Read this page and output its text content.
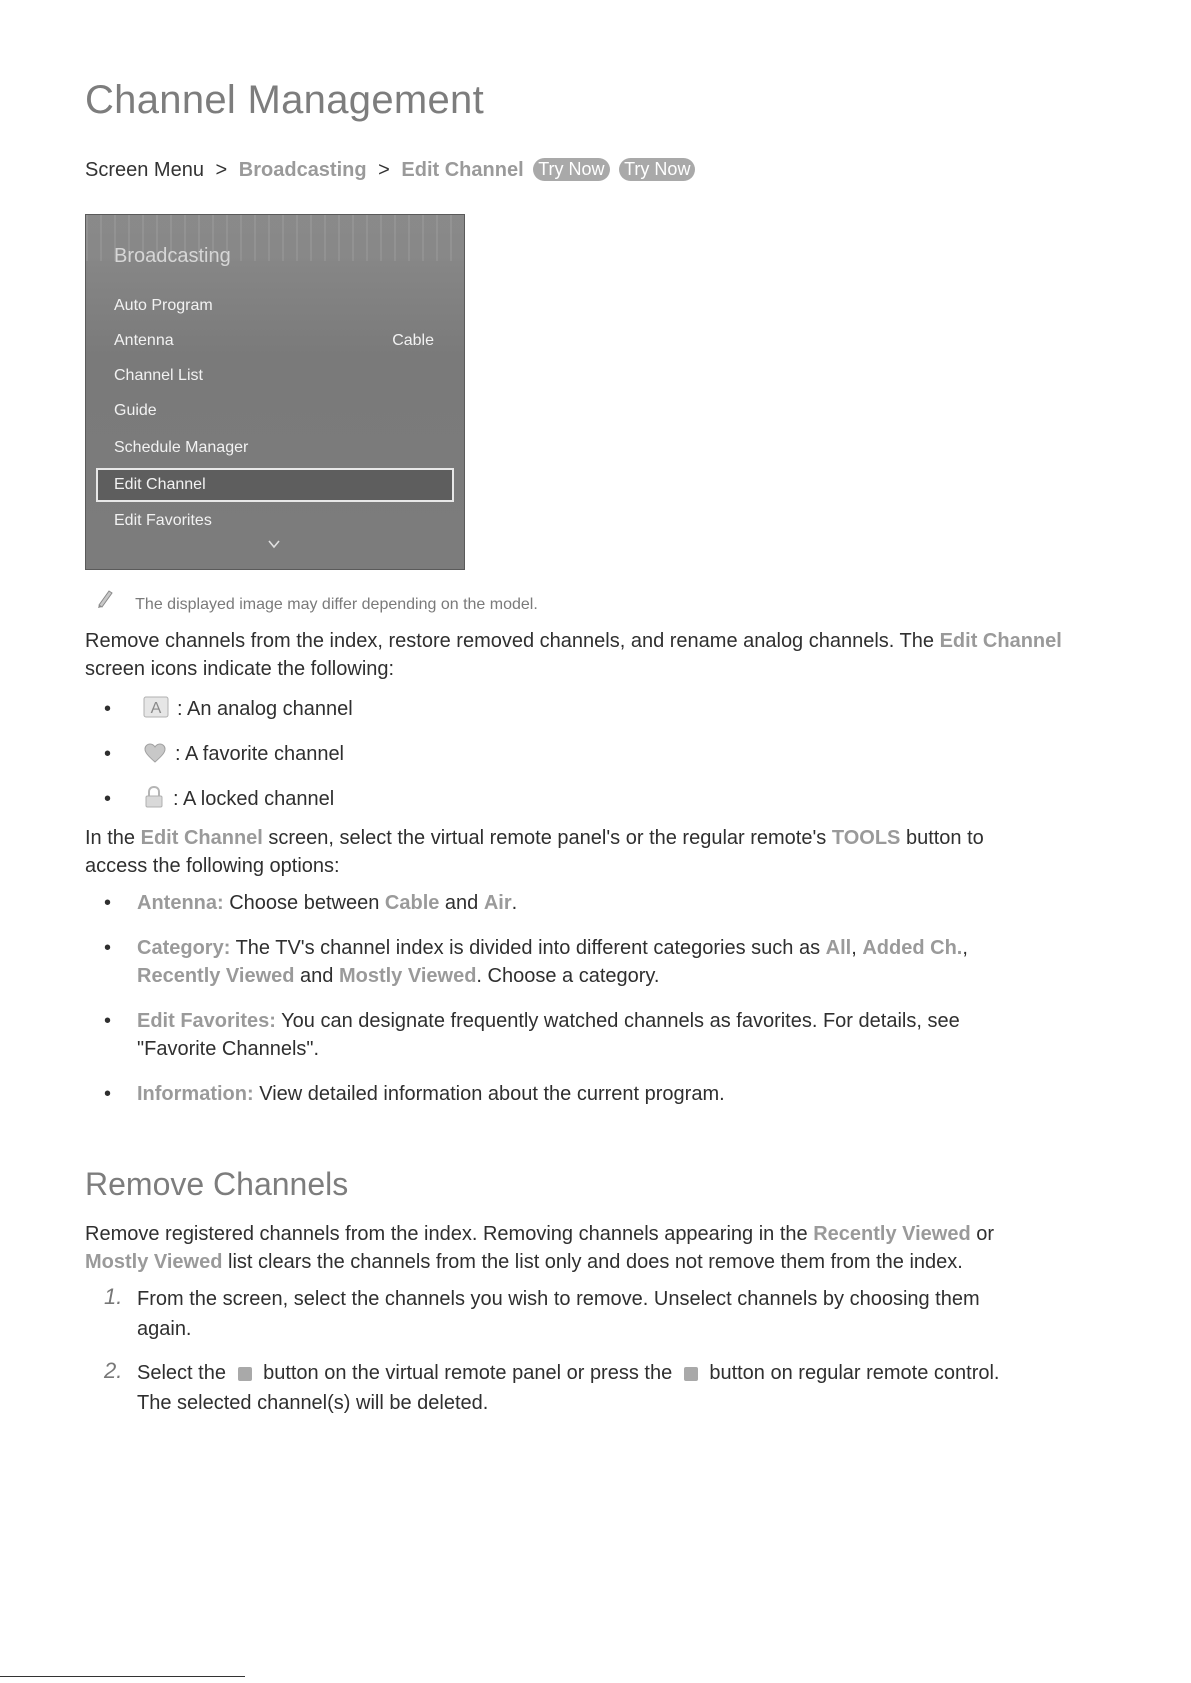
Channel Management
Screen Menu > Broadcasting > Edit Channel Try Now Try Now
Broadcasting
Auto Program
Antenna	Cable
Channel List
Guide
Schedule Manager
Edit Channel
Edit Favorites
The displayed image may differ depending on the model.
Remove channels from the index, restore removed channels, and rename analog channels. The Edit Channel screen icons indicate the following:
• A : An analog channel
•	: A favorite channel
•	: A locked channel
In the Edit Channel screen, select the virtual remote panel's or the regular remote's TOOLS button to
access the following options:
• Antenna: Choose between Cable and Air.
• Category: The TV's channel index is divided into different categories such as All, Added Ch.,
Recently Viewed and Mostly Viewed. Choose a category.
• Edit Favorites: You can designate frequently watched channels as favorites. For details, see
"Favorite Channels".
• Information: View detailed information about the current program.
Remove Channels
Remove registered channels from the index. Removing channels appearing in the Recently Viewed or
Mostly Viewed list clears the channels from the list only and does not remove them from the index.
1. From the screen, select the channels you wish to remove. Unselect channels by choosing them
again.
2. Select the  button on the virtual remote panel or press the  button on regular remote control.
The selected channel(s) will be deleted.
